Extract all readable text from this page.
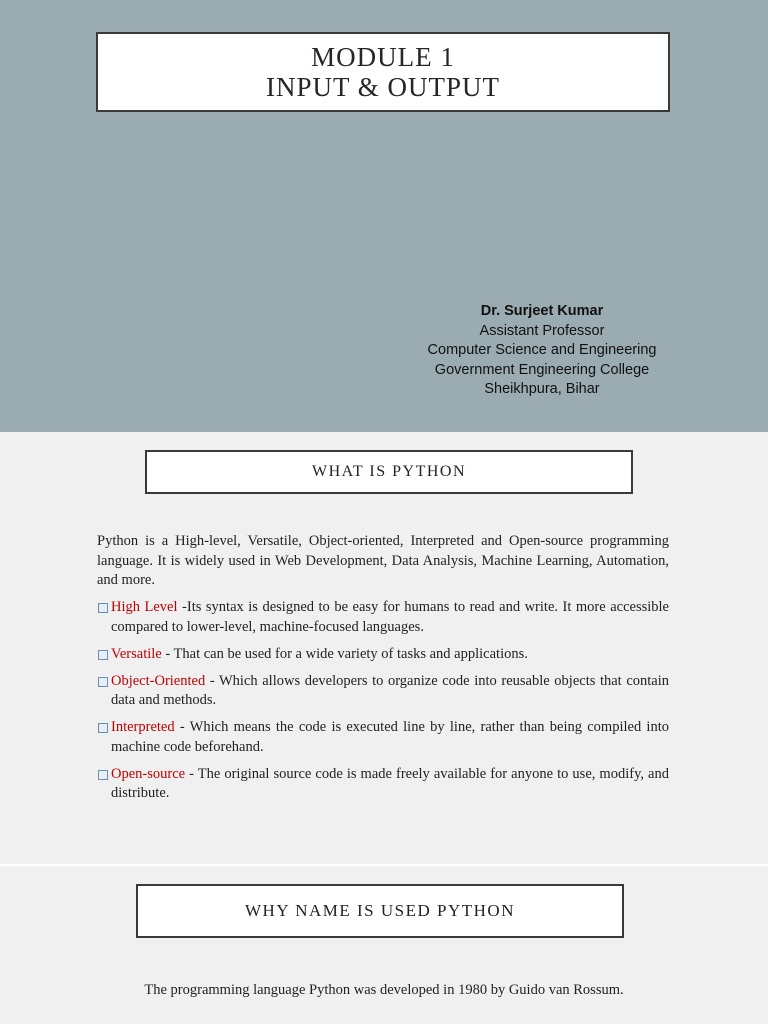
MODULE 1
INPUT & OUTPUT
Dr. Surjeet Kumar
Assistant Professor
Computer Science and Engineering
Government Engineering College
Sheikhpura, Bihar
WHAT IS PYTHON

Python is a High-level, Versatile, Object-oriented, Interpreted and Open-source programming language. It is widely used in Web Development, Data Analysis, Machine Learning, Automation, and more.

High Level -Its syntax is designed to be easy for humans to read and write. It more accessible compared to lower-level, machine-focused languages.
Versatile - That can be used for a wide variety of tasks and applications.
Object-Oriented - Which allows developers to organize code into reusable objects that contain data and methods.
Interpreted - Which means the code is executed line by line, rather than being compiled into machine code beforehand.
Open-source - The original source code is made freely available for anyone to use, modify, and distribute.
WHY NAME IS USED PYTHON
The programming language Python was developed in 1980 by Guido van Rossum.
